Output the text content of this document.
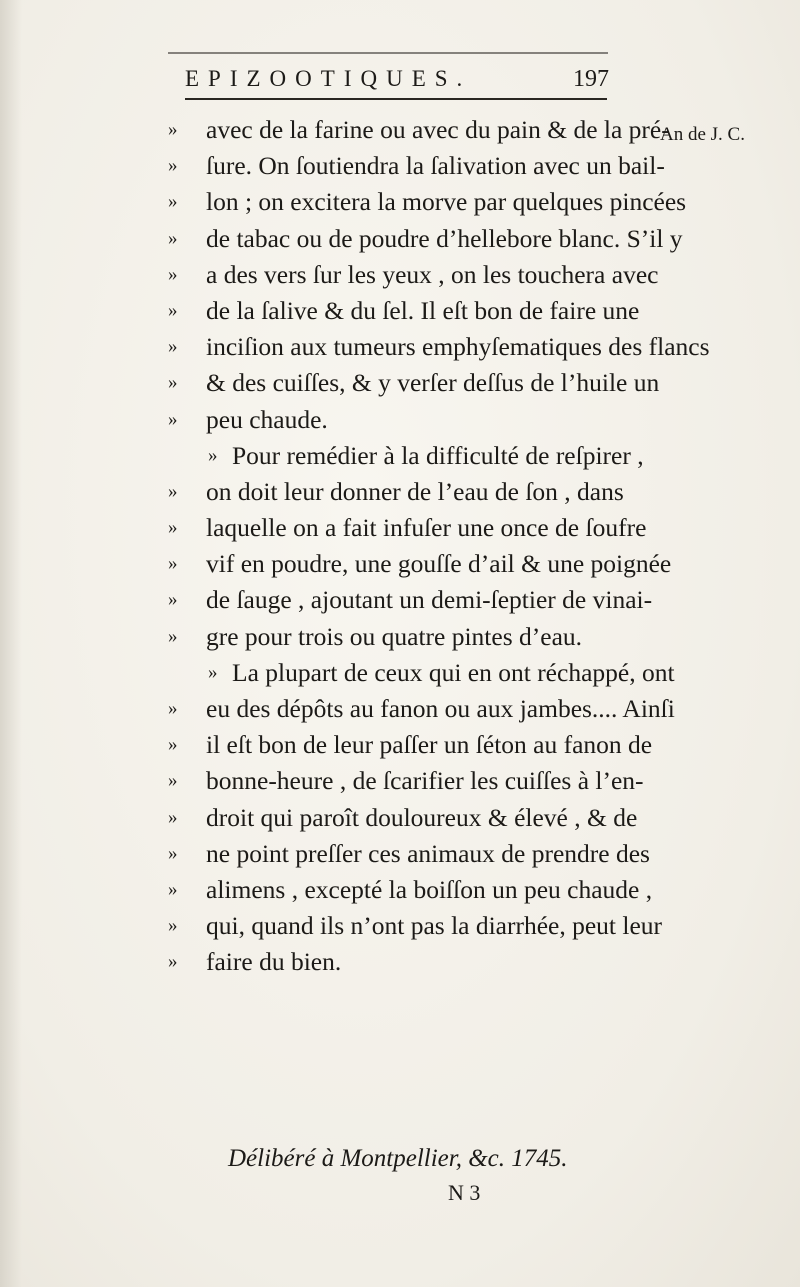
EPIZOOTIQUES.	197
An de J. C.
» avec de la farine ou avec du pain & de la pré-
» ſure. On ſoutiendra la ſalivation avec un bail-
» lon ; on excitera la morve par quelques pincées
» de tabac ou de poudre d’hellebore blanc. S’il y
» a des vers ſur les yeux , on les touchera avec
» de la ſalive & du ſel. Il eſt bon de faire une
» inciſion aux tumeurs emphyſematiques des flancs
» & des cuiſſes, & y verſer deſſus de l’huile un
» peu chaude.
» Pour remédier à la difficulté de reſpirer ,
» on doit leur donner de l’eau de ſon , dans
» laquelle on a fait infuſer une once de ſoufre
» vif en poudre, une gouſſe d’ail & une poignée
» de ſauge , ajoutant un demi-ſeptier de vinai-
» gre pour trois ou quatre pintes d’eau.
» La plupart de ceux qui en ont réchappé, ont
» eu des dépôts au fanon ou aux jambes.... Ainſi
» il eſt bon de leur paſſer un ſéton au fanon de
» bonne-heure , de ſcarifier les cuiſſes à l’en-
» droit qui paroît douloureux & élevé , & de
» ne point preſſer ces animaux de prendre des
» alimens , excepté la boiſſon un peu chaude ,
» qui, quand ils n’ont pas la diarrhée, peut leur
» faire du bien.
Délibéré à Montpellier, &c. 1745.
N 3
